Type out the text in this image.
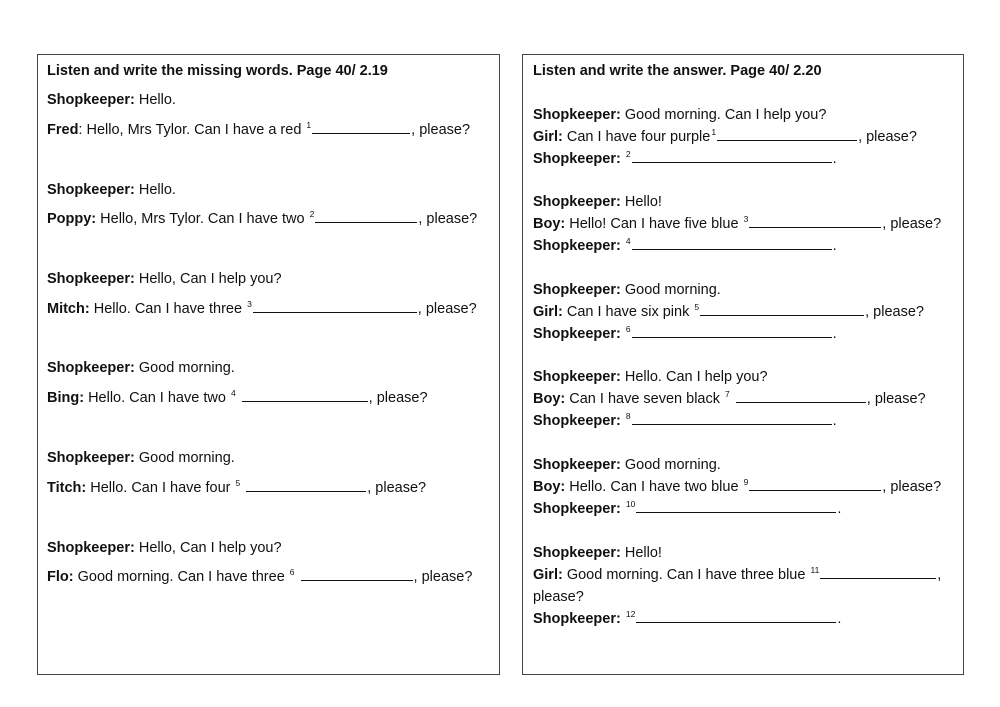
Listen and write the missing words. Page 40/ 2.19
Shopkeeper: Hello.
Fred: Hello, Mrs Tylor. Can I have a red $^1$	, please?
Shopkeeper: Hello.
Poppy: Hello, Mrs Tylor. Can I have two $^2$	, please?
Shopkeeper: Hello, Can I help you?
Mitch: Hello. Can I have three $^3$	, please?
Shopkeeper: Good morning.
Bing: Hello. Can I have two $^4$	, please?
Shopkeeper: Good morning.
Titch: Hello. Can I have four $^5$	, please?
Shopkeeper: Hello, Can I help you?
Flo: Good morning. Can I have three $^6$	, please?
Listen and write the answer. Page 40/ 2.20
Shopkeeper: Good morning. Can I help you?
Girl: Can I have four purple$^1$	, please?
Shopkeeper: $^2$	.
Shopkeeper: Hello!
Boy: Hello! Can I have five blue $^3$	, please?
Shopkeeper: $^4$	.
Shopkeeper: Good morning.
Girl: Can I have six pink $^5$	, please?
Shopkeeper: $^6$	.
Shopkeeper: Hello. Can I help you?
Boy: Can I have seven black $^7$	, please?
Shopkeeper: $^8$	.
Shopkeeper: Good morning.
Boy: Hello. Can I have two blue $^9$	, please?
Shopkeeper: $^{10}$	.
Shopkeeper: Hello!
Girl: Good morning. Can I have three blue $^{11}$	,
please?
Shopkeeper: $^{12}$	.
